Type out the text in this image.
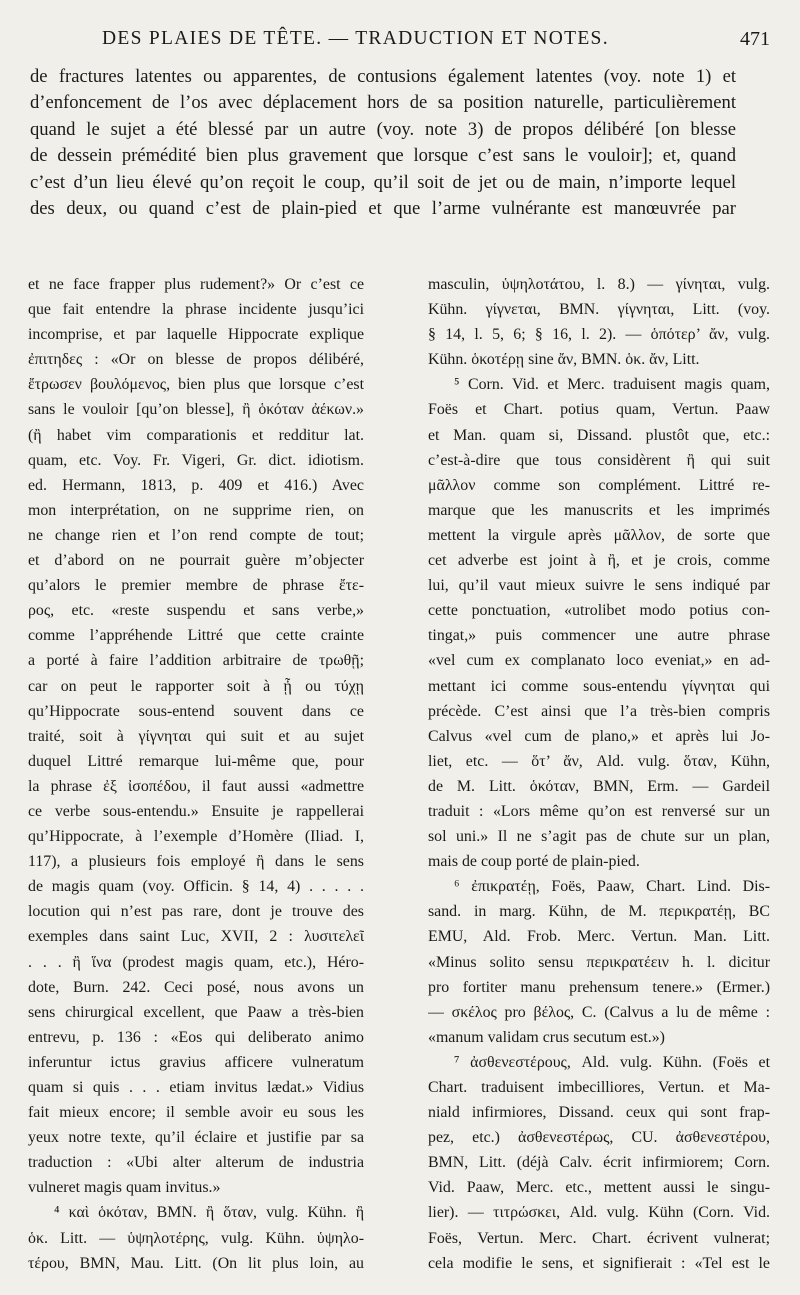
DES PLAIES DE TÊTE. — TRADUCTION ET NOTES.	471
de fractures latentes ou apparentes, de contusions également latentes (voy. note 1) et
d’enfoncement de l’os avec déplacement hors de sa position naturelle, particulièrement
quand le sujet a été blessé par un autre (voy. note 3) de propos délibéré [on blesse
de dessein prémédité bien plus gravement que lorsque c’est sans le vouloir]; et, quand
c’est d’un lieu élevé qu’on reçoit le coup, qu’il soit de jet ou de main, n’importe lequel
des deux, ou quand c’est de plain-pied et que l’arme vulnérante est manœuvrée par
et ne face frapper plus rudement?» Or c’est ce
que fait entendre la phrase incidente jusqu’ici
incomprise, et par laquelle Hippocrate explique
ἐπιτηδες : «Or on blesse de propos délibéré,
ἔτρωσεν βουλόμενος, bien plus que lorsque c’est
sans le vouloir [qu’on blesse], ἢ ὁκόταν ἀέκων.»
(ἢ habet vim comparationis et redditur lat.
quam, etc. Voy. Fr. Vigeri, Gr. dict. idiotism.
ed. Hermann, 1813, p. 409 et 416.) Avec
mon interprétation, on ne supprime rien, on
ne change rien et l’on rend compte de tout;
et d’abord on ne pourrait guère m’objecter
qu’alors le premier membre de phrase ἔτε-
ρος, etc. «reste suspendu et sans verbe,»
comme l’appréhende Littré que cette crainte
a porté à faire l’addition arbitraire de τρωθῇ;
car on peut le rapporter soit à ᾖ ou τύχῃ
qu’Hippocrate sous-entend souvent dans ce
traité, soit à γίγνηται qui suit et au sujet
duquel Littré remarque lui-même que, pour
la phrase ἐξ ἰσοπέδου, il faut aussi «admettre
ce verbe sous-entendu.» Ensuite je rappellerai
qu’Hippocrate, à l’exemple d’Homère (Iliad. I,
117), a plusieurs fois employé ἢ dans le sens
de magis quam (voy. Officin. § 14, 4) . . . . .
locution qui n’est pas rare, dont je trouve des
exemples dans saint Luc, XVII, 2 : λυσιτελεῖ
. . . ἢ ἵνα (prodest magis quam, etc.), Héro-
dote, Burn. 242. Ceci posé, nous avons un
sens chirurgical excellent, que Paaw a très-bien
entrevu, p. 136 : «Eos qui deliberato animo
inferuntur ictus gravius afficere vulneratum
quam si quis . . . etiam invitus lædat.» Vidius
fait mieux encore; il semble avoir eu sous les
yeux notre texte, qu’il éclaire et justifie par sa
traduction : «Ubi alter alterum de industria
vulneret magis quam invitus.»
⁴ καὶ ὁκόταν, BMN. ἢ ὅταν, vulg. Kühn. ἢ
ὁκ. Litt. — ὑψηλοτέρης, vulg. Kühn. ὑψηλο-
τέρου, BMN, Mau. Litt. (On lit plus loin, au
masculin, ὑψηλοτάτου, l. 8.) — γίνηται, vulg.
Kühn. γίγνεται, BMN. γίγνηται, Litt. (voy.
§ 14, l. 5, 6; § 16, l. 2). — ὁπότερ’ ἄν, vulg.
Kühn. ὁκοτέρῃ sine ἄν, BMN. ὁκ. ἄν, Litt.
⁵ Corn. Vid. et Merc. traduisent magis quam,
Foës et Chart. potius quam, Vertun. Paaw
et Man. quam si, Dissand. plustôt que, etc.:
c’est-à-dire que tous considèrent ἢ qui suit
μᾶλλον comme son complément. Littré re-
marque que les manuscrits et les imprimés
mettent la virgule après μᾶλλον, de sorte que
cet adverbe est joint à ἢ, et je crois, comme
lui, qu’il vaut mieux suivre le sens indiqué par
cette ponctuation, «utrolibet modo potius con-
tingat,» puis commencer une autre phrase
«vel cum ex complanato loco eveniat,» en ad-
mettant ici comme sous-entendu γίγνηται qui
précède. C’est ainsi que l’a très-bien compris
Calvus «vel cum de plano,» et après lui Jo-
liet, etc. — ὅτ’ ἄν, Ald. vulg. ὅταν, Kühn,
de M. Litt. ὁκόταν, BMN, Erm. — Gardeil
traduit : «Lors même qu’on est renversé sur un
sol uni.» Il ne s’agit pas de chute sur un plan,
mais de coup porté de plain-pied.
⁶ ἐπικρατέῃ, Foës, Paaw, Chart. Lind. Dis-
sand. in marg. Kühn, de M. περικρατέῃ, BC
EMU, Ald. Frob. Merc. Vertun. Man. Litt.
«Minus solito sensu περικρατέειν h. l. dicitur
pro fortiter manu prehensum tenere.» (Ermer.)
— σκέλος pro βέλος, C. (Calvus a lu de même :
«manum validam crus secutum est.»)
⁷ ἀσθενεστέρους, Ald. vulg. Kühn. (Foës et
Chart. traduisent imbecilliores, Vertun. et Ma-
niald infirmiores, Dissand. ceux qui sont frap-
pez, etc.) ἀσθενεστέρως, CU. ἀσθενεστέρου,
BMN, Litt. (déjà Calv. écrit infirmiorem; Corn.
Vid. Paaw, Merc. etc., mettent aussi le singu-
lier). — τιτρώσκει, Ald. vulg. Kühn (Corn. Vid.
Foës, Vertun. Merc. Chart. écrivent vulnerat;
cela modifie le sens, et signifierait : «Tel est le
